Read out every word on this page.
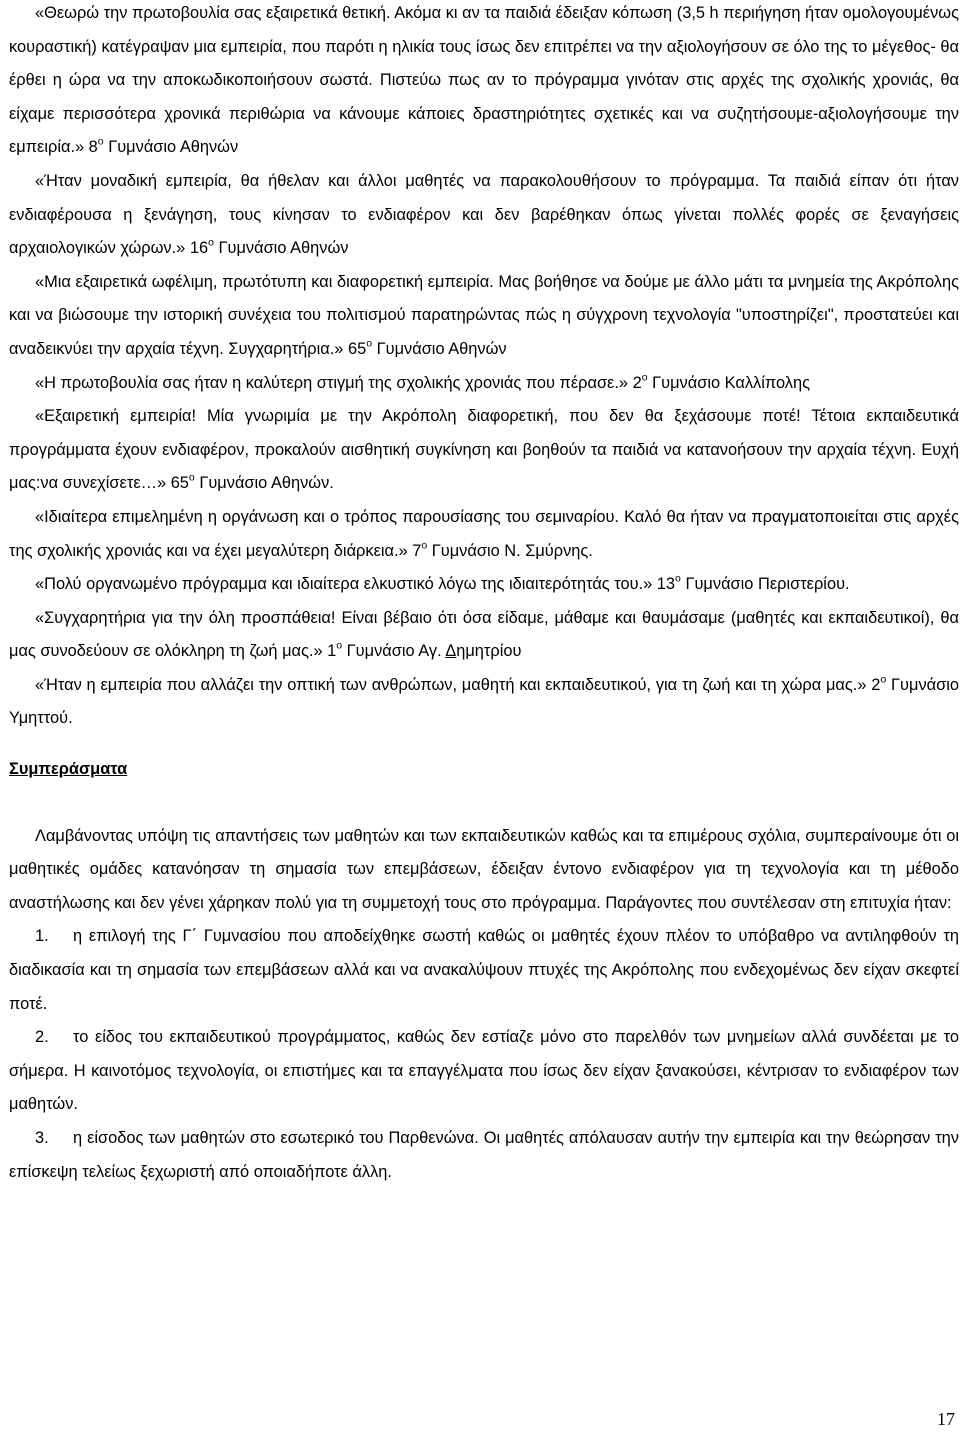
«Θεωρώ την πρωτοβουλία σας εξαιρετικά θετική. Ακόμα κι αν τα παιδιά έδειξαν κόπωση (3,5 h περιήγηση ήταν ομολογουμένως κουραστική) κατέγραψαν μια εμπειρία, που παρότι η ηλικία τους ίσως δεν επιτρέπει να την αξιολογήσουν σε όλο της το μέγεθος- θα έρθει η ώρα να την αποκωδικοποιήσουν σωστά. Πιστεύω πως αν το πρόγραμμα γινόταν στις αρχές της σχολικής χρονιάς, θα είχαμε περισσότερα χρονικά περιθώρια να κάνουμε κάποιες δραστηριότητες σχετικές και να συζητήσουμε-αξιολογήσουμε την εμπειρία.» $8^o$ Γυμνάσιο Αθηνών

«Ήταν μοναδική εμπειρία, θα ήθελαν και άλλοι μαθητές να παρακολουθήσουν το πρόγραμμα. Τα παιδιά είπαν ότι ήταν ενδιαφέρουσα η ξενάγηση, τους κίνησαν το ενδιαφέρον και δεν βαρέθηκαν όπως γίνεται πολλές φορές σε ξεναγήσεις αρχαιολογικών χώρων.» $16^o$ Γυμνάσιο Αθηνών

«Μια εξαιρετικά ωφέλιμη, πρωτότυπη και διαφορετική εμπειρία. Μας βοήθησε να δούμε με άλλο μάτι τα μνημεία της Ακρόπολης και να βιώσουμε την ιστορική συνέχεια του πολιτισμού παρατηρώντας πώς η σύγχρονη τεχνολογία "υποστηρίζει", προστατεύει και αναδεικνύει την αρχαία τέχνη. Συγχαρητήρια.» $65^o$ Γυμνάσιο Αθηνών

«Η πρωτοβουλία σας ήταν η καλύτερη στιγμή της σχολικής χρονιάς που πέρασε.» $2^o$ Γυμνάσιο Καλλίπολης

«Εξαιρετική εμπειρία! Μία γνωριμία με την Ακρόπολη διαφορετική, που δεν θα ξεχάσουμε ποτέ! Τέτοια εκπαιδευτικά προγράμματα έχουν ενδιαφέρον, προκαλούν αισθητική συγκίνηση και βοηθούν τα παιδιά να κατανοήσουν την αρχαία τέχνη. Ευχή μας:να συνεχίσετε…» $65^o$ Γυμνάσιο Αθηνών.

«Ιδιαίτερα επιμελημένη η οργάνωση και ο τρόπος παρουσίασης του σεμιναρίου. Καλό θα ήταν να πραγματοποιείται στις αρχές της σχολικής χρονιάς και να έχει μεγαλύτερη διάρκεια.» $7^o$ Γυμνάσιο Ν. Σμύρνης.

«Πολύ οργανωμένο πρόγραμμα και ιδιαίτερα ελκυστικό λόγω της ιδιαιτερότητάς του.» $13^o$ Γυμνάσιο Περιστερίου.

«Συγχαρητήρια για την όλη προσπάθεια! Είναι βέβαιο ότι όσα είδαμε, μάθαμε και θαυμάσαμε (μαθητές και εκπαιδευτικοί), θα μας συνοδεύουν σε ολόκληρη τη ζωή μας.» $1^o$ Γυμνάσιο Αγ. Δημητρίου

«Ήταν η εμπειρία που αλλάζει την οπτική των ανθρώπων, μαθητή και εκπαιδευτικού, για τη ζωή και τη χώρα μας.» $2^o$ Γυμνάσιο Υμηττού.

Συμπεράσματα

Λαμβάνοντας υπόψη τις απαντήσεις των μαθητών και των εκπαιδευτικών καθώς και τα επιμέρους σχόλια, συμπεραίνουμε ότι οι μαθητικές ομάδες κατανόησαν τη σημασία των επεμβάσεων, έδειξαν έντονο ενδιαφέρον για τη τεχνολογία και τη μέθοδο αναστήλωσης και δεν γένει χάρηκαν πολύ για τη συμμετοχή τους στο πρόγραμμα. Παράγοντες που συντέλεσαν στη επιτυχία ήταν:

1. η επιλογή της Γ΄ Γυμνασίου που αποδείχθηκε σωστή καθώς οι μαθητές έχουν πλέον το υπόβαθρο να αντιληφθούν τη διαδικασία και τη σημασία των επεμβάσεων αλλά και να ανακαλύψουν πτυχές της Ακρόπολης που ενδεχομένως δεν είχαν σκεφτεί ποτέ.

2. το είδος του εκπαιδευτικού προγράμματος, καθώς δεν εστίαζε μόνο στο παρελθόν των μνημείων αλλά συνδέεται με το σήμερα. Η καινοτόμος τεχνολογία, οι επιστήμες και τα επαγγέλματα που ίσως δεν είχαν ξανακούσει, κέντρισαν το ενδιαφέρον των μαθητών.

3. η είσοδος των μαθητών στο εσωτερικό του Παρθενώνα. Οι μαθητές απόλαυσαν αυτήν την εμπειρία και την θεώρησαν την επίσκεψη τελείως ξεχωριστή από οποιαδήποτε άλλη.

17
